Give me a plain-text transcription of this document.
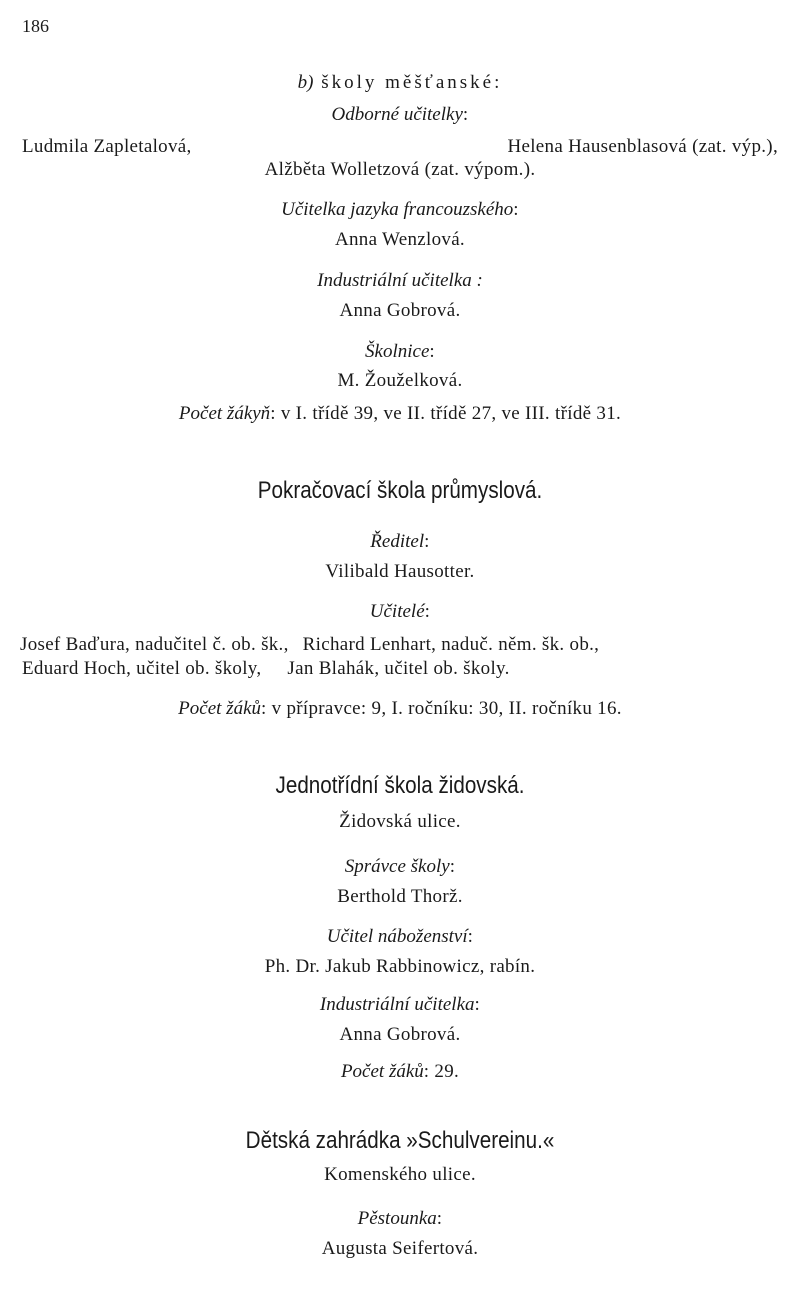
186
b) školy měšťanské:
Odborné učitelky:
Ludmila Zapletalová,	Helena Hausenblasová (zat. výp.),
Alžběta Wolletzová (zat. výpom.).
Učitelka jazyka francouzského:
Anna Wenzlová.
Industriální učitelka :
Anna Gobrová.
Školnice:
M. Žouželková.
Počet žákyň: v I. třídě 39, ve II. třídě 27, ve III. třídě 31.
Pokračovací škola průmyslová.
Ředitel:
Vilibald Hausotter.
Učitelé:
Josef Baďura, nadučitel č. ob. šk., Richard Lenhart, naduč. něm. šk. ob.,
Eduard Hoch, učitel ob. školy, Jan Blahák, učitel ob. školy.
Počet žáků: v přípravce: 9, I. ročníku: 30, II. ročníku 16.
Jednotřídní škola židovská.
Židovská ulice.
Správce školy:
Berthold Thorž.
Učitel náboženství:
Ph. Dr. Jakub Rabbinowicz, rabín.
Industriální učitelka:
Anna Gobrová.
Počet žáků: 29.
Dětská zahrádka »Schulvereinu.«
Komenského ulice.
Pěstounka:
Augusta Seifertová.
